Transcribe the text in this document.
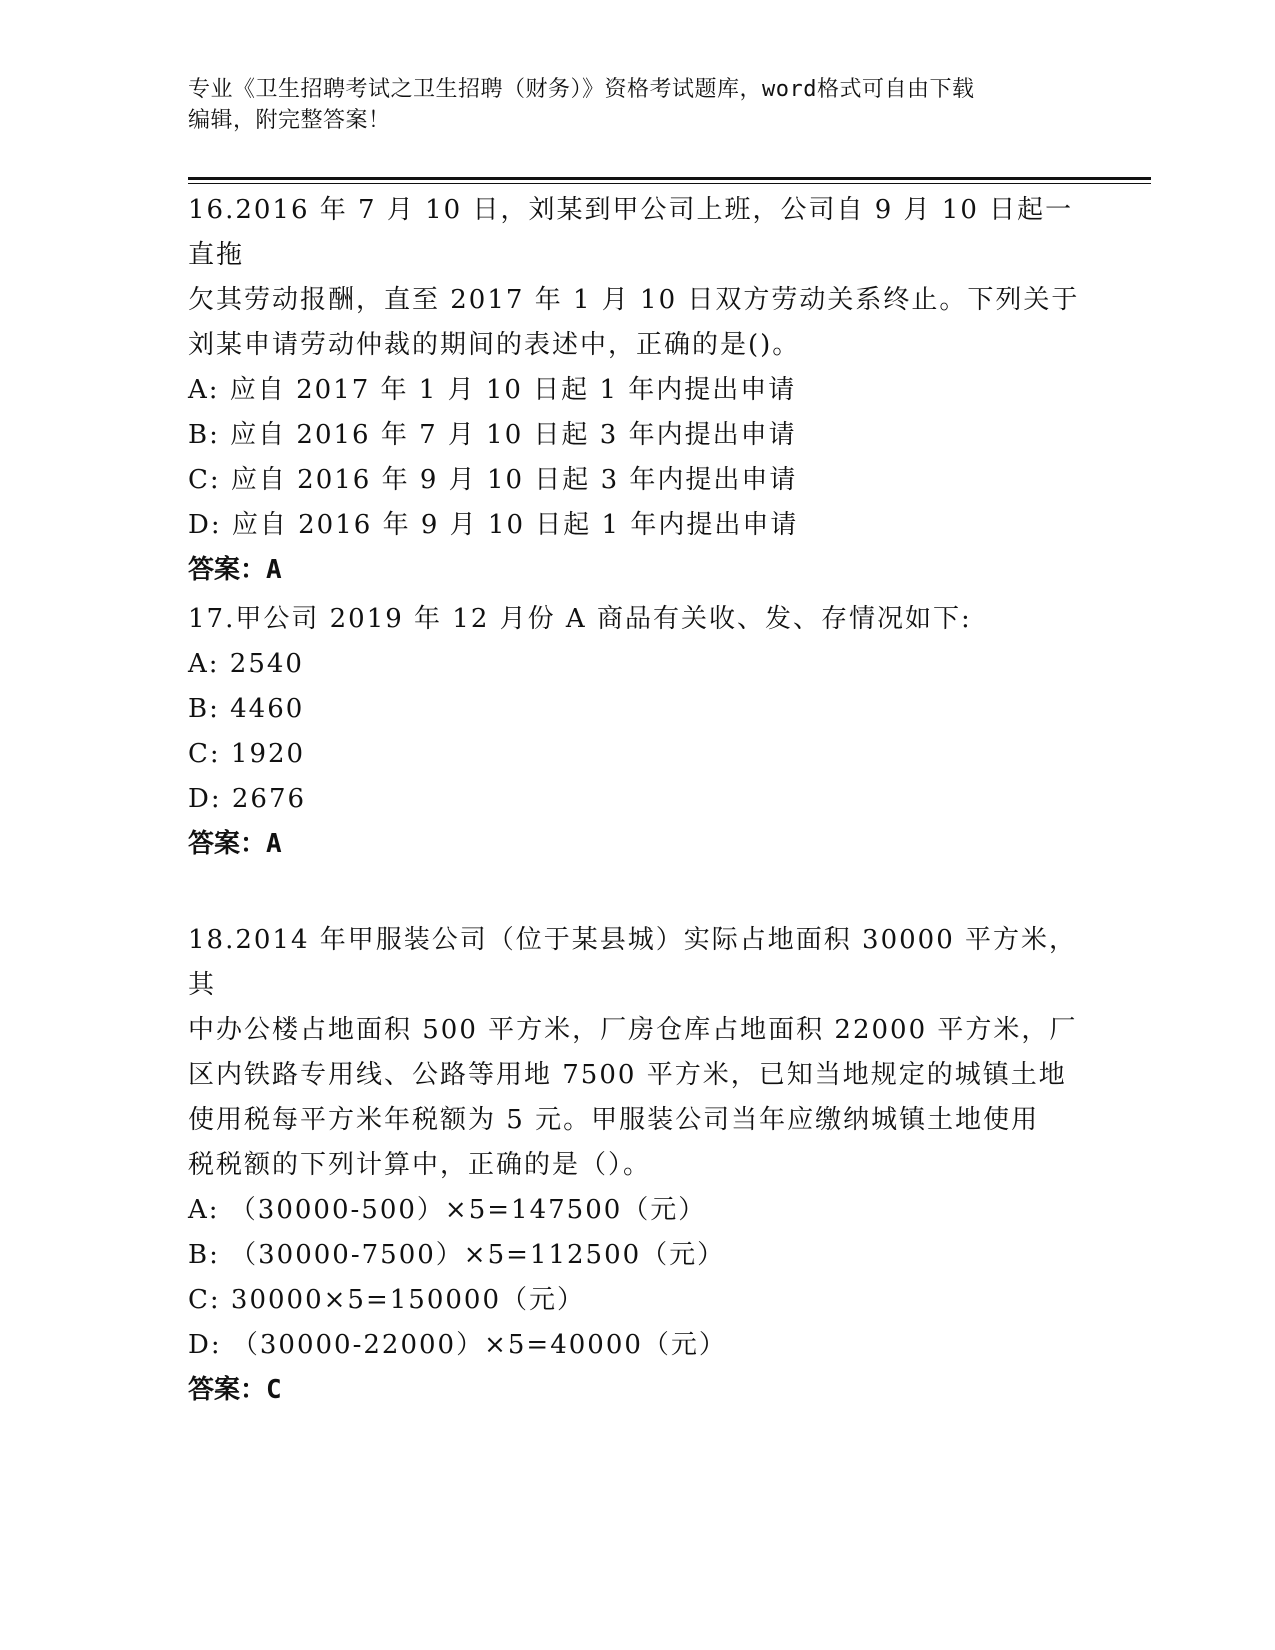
专业《卫生招聘考试之卫生招聘（财务）》资格考试题库，word格式可自由下载
编辑，附完整答案！

16.2016 年 7 月 10 日，刘某到甲公司上班，公司自 9 月 10 日起一直拖

欠其劳动报酬，直至 2017 年 1 月 10 日双方劳动关系终止。下列关于

刘某申请劳动仲裁的期间的表述中，正确的是()。

A: 应自 2017 年 1 月 10 日起 1 年内提出申请

B: 应自 2016 年 7 月 10 日起 3 年内提出申请

C: 应自 2016 年 9 月 10 日起 3 年内提出申请

D: 应自 2016 年 9 月 10 日起 1 年内提出申请

答案：A

17.甲公司 2019 年 12 月份 A 商品有关收、发、存情况如下:

A: 2540

B: 4460

C: 1920

D: 2676

答案：A

18.2014 年甲服装公司（位于某县城）实际占地面积 30000 平方米，其

中办公楼占地面积 500 平方米，厂房仓库占地面积 22000 平方米，厂

区内铁路专用线、公路等用地 7500 平方米，已知当地规定的城镇土地

使用税每平方米年税额为 5 元。甲服装公司当年应缴纳城镇土地使用

税税额的下列计算中，正确的是（）。

A: （30000-500）×5=147500（元）

B: （30000-7500）×5=112500（元）

C: 30000×5=150000（元）

D: （30000-22000）×5=40000（元）

答案：C
